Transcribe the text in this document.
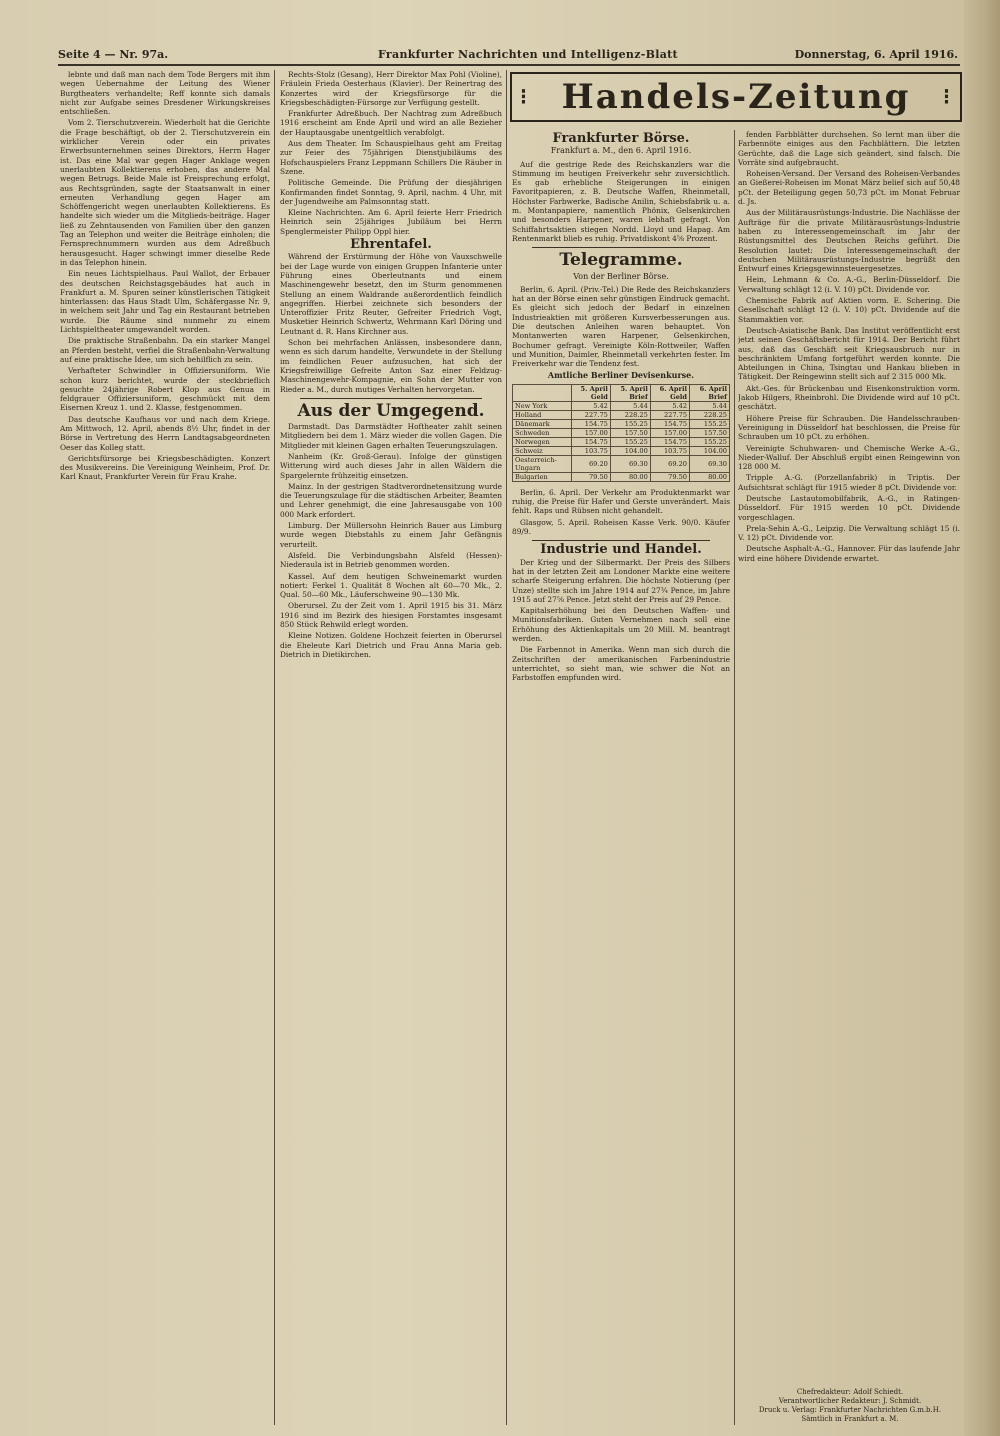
Seite 4 — Nr. 97a.	Frankfurter Nachrichten und Intelligenz-Blatt	Donnerstag, 6. April 1916.

lebnte und daß man nach dem Tode Bergers mit ihm wegen Uebernahme der Leitung des Wiener Burgtheaters verhandelte; Reff konnte sich damals nicht zur Aufgabe seines Dresdener Wirkungskreises entschließen.

Vom 2. Tierschutzverein. Wiederholt hat die Gerichte die Frage beschäftigt, ob der 2. Tierschutzverein ein wirklicher Verein oder ein privates Erwerbsunternehmen seines Direktors, Herrn Hager ist. Das eine Mal war gegen Hager Anklage wegen unerlaubten Kollektierens erhoben, das andere Mal wegen Betrugs. Beide Male ist Freisprechung erfolgt, aus Rechtsgründen, sagte der Staatsanwalt in einer erneuten Verhandlung gegen Hager am Schöffengericht wegen unerlaubten Kollektierens. Es handelte sich wieder um die Mitglieds-beiträge. Hager ließ zu Zehntausenden von Familien über den ganzen Tag an Telephon und weiter die Beiträge einholen; die Fernsprechnummern wurden aus dem Adreßbuch herausgesucht. Hager schwingt immer dieselbe Rede in das Telephon hinein.

Ein neues Lichtspielhaus. Paul Wallot, der Erbauer des deutschen Reichstagsgebäudes hat auch in Frankfurt a. M. Spuren seiner künstlerischen Tätigkeit hinterlassen: das Haus Stadt Ulm, Schäfergasse Nr. 9, in welchem seit Jahr und Tag ein Restaurant betrieben wurde. Die Räume sind nunmehr zu einem Lichtspieltheater umgewandelt worden.

Die praktische Straßenbahn. Da ein starker Mangel an Pferden besteht, verfiel die Straßenbahn-Verwaltung auf eine praktische Idee, um sich behilflich zu sein.

Verhafteter Schwindler in Offiziersuniform. Wie schon kurz berichtet, wurde der steckbrieflich gesuchte 24jährige Robert Klop aus Genua in feldgrauer Offiziersuniform, geschmückt mit dem Eisernen Kreuz 1. und 2. Klasse, festgenommen.

Das deutsche Kaufhaus vor und nach dem Kriege. Am Mittwoch, 12. April, abends 8½ Uhr, findet in der Börse in Vertretung des Herrn Landtagsabgeordneten Oeser das Kolleg statt.

Gerichtsfürsorge bei Kriegsbeschädigten. Konzert des Musikvereins. Die Vereinigung Weinheim, Prof. Dr. Karl Knaut, Frankfurter Verein für Frau Krahe.

Rechts-Stolz (Gesang), Herr Direktor Max Pohl (Violine), Fräulein Frieda Oesterhaus (Klavier). Der Reinertrag des Konzertes wird der Kriegsfürsorge für die Kriegsbeschädigten-Fürsorge zur Verfügung gestellt.

Frankfurter Adreßbuch. Der Nachtrag zum Adreßbuch 1916 erscheint am Ende April und wird an alle Bezieher der Hauptausgabe unentgeltlich verabfolgt.

Aus dem Theater. Im Schauspielhaus geht am Freitag zur Feier des 75jährigen Dienstjubiläums des Hofschauspielers Franz Leppmann Schillers Die Räuber in Szene.

Politische Gemeinde. Die Prüfung der diesjährigen Konfirmanden findet Sonntag, 9. April, nachm. 4 Uhr, mit der Jugendweihe am Palmsonntag statt.

Kleine Nachrichten. Am 6. April feierte Herr Friedrich Heinrich sein 25jähriges Jubiläum bei Herrn Spenglermeister Philipp Oppl hier.

Ehrentafel.

Während der Erstürmung der Höhe von Vauxschwelle bei der Lage wurde von einigen Gruppen Infanterie unter Führung eines Oberleutnants und einem Maschinengewehr besetzt, den im Sturm genommenen Stellung an einem Waldrande außerordentlich feindlich angegriffen. Hierbei zeichnete sich besonders der Unteroffizier Fritz Reuter, Gefreiter Friedrich Vogt, Musketier Heinrich Schwertz, Wehrmann Karl Döring und Leutnant d. R. Hans Kirchner aus.

Schon bei mehrfachen Anlässen, insbesondere dann, wenn es sich darum handelte, Verwundete in der Stellung im feindlichen Feuer aufzusuchen, hat sich der Kriegsfreiwillige Gefreite Anton Saz einer Feldzug-Maschinengewehr-Kompagnie, ein Sohn der Mutter von Rieder a. M., durch mutiges Verhalten hervorgetan.

Aus der Umgegend.

Darmstadt. Das Darmstädter Hoftheater zahlt seinen Mitgliedern bei dem 1. März wieder die vollen Gagen. Die Mitglieder mit kleinen Gagen erhalten Teuerungszulagen.

Nanheim (Kr. Groß-Gerau). Infolge der günstigen Witterung wird auch dieses Jahr in allen Wäldern die Spargelernte frühzeitig einsetzen.

Mainz. In der gestrigen Stadtverordnetensitzung wurde die Teuerungszulage für die städtischen Arbeiter, Beamten und Lehrer genehmigt, die eine Jahresausgabe von 100 000 Mark erfordert.

Limburg. Der Müllersohn Heinrich Bauer aus Limburg wurde wegen Diebstahls zu einem Jahr Gefängnis verurteilt.

Alsfeld. Die Verbindungsbahn Alsfeld (Hessen)-Niederaula ist in Betrieb genommen worden.

Kassel. Auf dem heutigen Schweinemarkt wurden notiert: Ferkel 1. Qualität 8 Wochen alt 60—70 Mk., 2. Qual. 50—60 Mk., Läuferschweine 90—130 Mk.

Oberursel. Zu der Zeit vom 1. April 1915 bis 31. März 1916 sind im Bezirk des hiesigen Forstamtes insgesamt 850 Stück Rehwild erlegt worden.

Kleine Notizen. Goldene Hochzeit feierten in Oberursel die Eheleute Karl Dietrich und Frau Anna Maria geb. Dietrich in Dietikirchen.

⁝ Handels-Zeitung ⁝
Frankfurter Börse.
Frankfurt a. M., den 6. April 1916.

Auf die gestrige Rede des Reichskanzlers war die Stimmung im heutigen Freiverkehr sehr zuversichtlich. Es gab erhebliche Steigerungen in einigen Favoritpapieren, z. B. Deutsche Waffen, Rheinmetall, Höchster Farbwerke, Badische Anilin, Schiebsfabrik u. a. m. Montanpapiere, namentlich Phönix, Gelsenkirchen und besonders Harpener, waren lebhaft gefragt. Von Schiffahrtsaktien stiegen Nordd. Lloyd und Hapag. Am Rentenmarkt blieb es ruhig. Privatdiskont 4⅝ Prozent.

Telegramme.
Von der Berliner Börse.

Berlin, 6. April. (Priv.-Tel.) Die Rede des Reichskanzlers hat an der Börse einen sehr günstigen Eindruck gemacht. Es gleicht sich jedoch der Bedarf in einzelnen Industrieaktien mit größeren Kursverbesserungen aus. Die deutschen Anleihen waren behauptet. Von Montanwerten waren Harpener, Gelsenkirchen, Bochumer gefragt. Vereinigte Köln-Rottweiler, Waffen und Munition, Daimler, Rheinmetall verkehrten fester. Im Freiverkehr war die Tendenz fest.

Amtliche Berliner Devisenkurse.
	5. April Geld	5. April Brief	6. April Geld	6. April Brief
New York	5.42	5.44	5.42	5.44
Holland	227.75	228.25	227.75	228.25
Dänemark	154.75	155.25	154.75	155.25
Schweden	157.00	157.50	157.00	157.50
Norwegen	154.75	155.25	154.75	155.25
Schweiz	103.75	104.00	103.75	104.00
Oesterreich-Ungarn	69.20	69.30	69.20	69.30
Bulgarien	79.50	80.00	79.50	80.00

Berlin, 6. April. Der Verkehr am Produktenmarkt war ruhig, die Preise für Hafer und Gerste unverändert. Mais fehlt. Raps und Rübsen nicht gehandelt.

Glasgow, 5. April. Roheisen Kasse Verk. 90/0. Käufer 89/9.

Industrie und Handel.

Der Krieg und der Silbermarkt. Der Preis des Silbers hat in der letzten Zeit am Londoner Markte eine weitere scharfe Steigerung erfahren. Die höchste Notierung (per Unze) stellte sich im Jahre 1914 auf 27¾ Pence, im Jahre 1915 auf 27⅝ Pence. Jetzt steht der Preis auf 29 Pence.

Kapitalserhöhung bei den Deutschen Waffen- und Munitionsfabriken. Guten Vernehmen nach soll eine Erhöhung des Aktienkapitals um 20 Mill. M. beantragt werden.

Die Farbennot in Amerika. Wenn man sich durch die Zeitschriften der amerikanischen Farbenindustrie unterrichtet, so sieht man, wie schwer die Not an Farbstoffen empfunden wird.

fenden Farbblätter durchsehen. So lernt man über die Farbennöte einiges aus den Fachblättern. Die letzten Gerüchte, daß die Lage sich geändert, sind falsch. Die Vorräte sind aufgebraucht.

Roheisen-Versand. Der Versand des Roheisen-Verbandes an Gießerei-Roheisen im Monat März belief sich auf 50,48 pCt. der Beteiligung gegen 50,73 pCt. im Monat Februar d. Js.

Aus der Militärausrüstungs-Industrie. Die Nachlässe der Aufträge für die private Militärausrüstungs-Industrie haben zu Interessengemeinschaft im Jahr der Rüstungsmittel des Deutschen Reichs geführt. Die Resolution lautet: Die Interessengemeinschaft der deutschen Militärausrüstungs-Industrie begrüßt den Entwurf eines Kriegsgewinnsteuergesetzes.

Hein, Lehmann & Co. A.-G., Berlin-Düsseldorf. Die Verwaltung schlägt 12 (i. V. 10) pCt. Dividende vor.

Chemische Fabrik auf Aktien vorm. E. Schering. Die Gesellschaft schlägt 12 (i. V. 10) pCt. Dividende auf die Stammaktien vor.

Deutsch-Asiatische Bank. Das Institut veröffentlicht erst jetzt seinen Geschäftsbericht für 1914. Der Bericht führt aus, daß das Geschäft seit Kriegsausbruch nur in beschränktem Umfang fortgeführt werden konnte. Die Abteilungen in China, Tsingtau und Hankau blieben in Tätigkeit. Der Reingewinn stellt sich auf 2 315 000 Mk.

Akt.-Ges. für Brückenbau und Eisenkonstruktion vorm. Jakob Hilgers, Rheinbrohl. Die Dividende wird auf 10 pCt. geschätzt.

Höhere Preise für Schrauben. Die Handelsschrauben-Vereinigung in Düsseldorf hat beschlossen, die Preise für Schrauben um 10 pCt. zu erhöhen.

Vereinigte Schuhwaren- und Chemische Werke A.-G., Nieder-Walluf. Der Abschluß ergibt einen Reingewinn von 128 000 M.

Tripple A.-G. (Porzellanfabrik) in Triptis. Der Aufsichtsrat schlägt für 1915 wieder 8 pCt. Dividende vor.

Deutsche Lastautomobilfabrik, A.-G., in Ratingen-Düsseldorf. Für 1915 werden 10 pCt. Dividende vorgeschlagen.

Prela-Sehin A.-G., Leipzig. Die Verwaltung schlägt 15 (i. V. 12) pCt. Dividende vor.

Deutsche Asphalt-A.-G., Hannover. Für das laufende Jahr wird eine höhere Dividende erwartet.

Chefredakteur: Adolf Schiedt.
Verantwortlicher Redakteur: J. Schmidt.
Druck u. Verlag: Frankfurter Nachrichten G.m.b.H.
Sämtlich in Frankfurt a. M.
